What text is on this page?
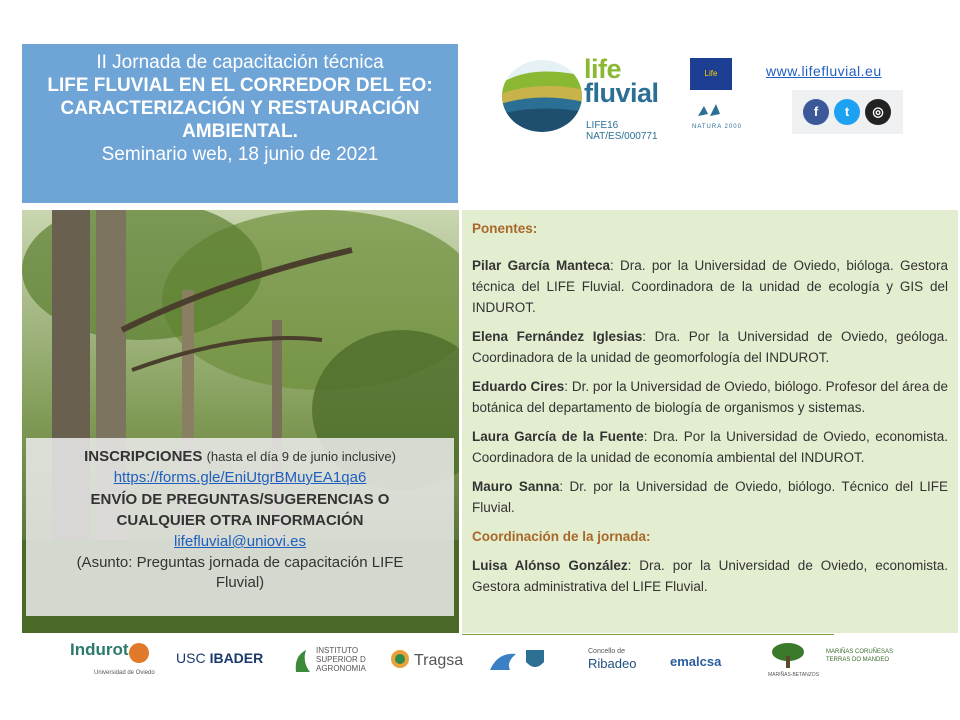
II Jornada de capacitación técnica
LIFE FLUVIAL EN EL CORREDOR DEL EO:
CARACTERIZACIÓN Y RESTAURACIÓN
AMBIENTAL.
Seminario web, 18 junio de 2021
life
fluvial
LIFE16 NAT/ES/000771
Life
NATURA 2000
www.lifefluvial.eu
f	t	◎
INSCRIPCIONES (hasta el día 9 de junio inclusive)
https://forms.gle/EniUtgrBMuyEA1qa6
ENVÍO DE PREGUNTAS/SUGERENCIAS O
CUALQUIER OTRA INFORMACIÓN
lifefluvial@uniovi.es
(Asunto: Preguntas jornada de capacitación LIFE
Fluvial)

Ponentes:

Pilar García Manteca: Dra. por la Universidad de Oviedo, bióloga. Gestora técnica del LIFE Fluvial. Coordinadora de la unidad de ecología y GIS del INDUROT.

Elena Fernández Iglesias: Dra. Por la Universidad de Oviedo, geóloga. Coordinadora de la unidad de geomorfología del INDUROT.

Eduardo Cires: Dr. por la Universidad de Oviedo, biólogo. Profesor del área de botánica del departamento de biología de organismos y sistemas.

Laura García de la Fuente: Dra. Por la Universidad de Oviedo, economista. Coordinadora de la unidad de economía ambiental del INDUROT.

Mauro Sanna: Dr. por la Universidad de Oviedo, biólogo. Técnico del LIFE Fluvial.

Coordinación de la jornada:

Luisa Alónso González: Dra. por la Universidad de Oviedo, economista. Gestora administrativa del LIFE Fluvial.

Indurot
Universidad de Oviedo
USC IBADER	INSTITUTO
SUPERIOR D
AGRONOMIA	Tragsa
Concello de
Ribadeo	emalcsa
MARIÑAS-BETANZOS
MARIÑAS CORUÑESAS
TERRAS DO MANDEO
